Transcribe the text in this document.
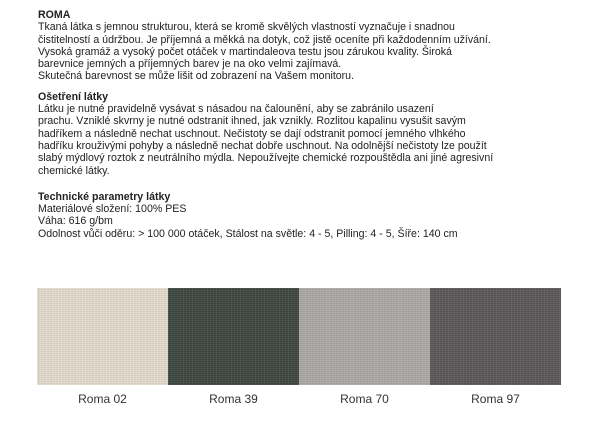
ROMA

Tkaná látka s jemnou strukturou, která se kromě skvělých vlastností vyznačuje i snadnou
čistitelností a údržbou. Je příjemná a měkká na dotyk, což jistě oceníte při každodenním užívání.
Vysoká gramáž a vysoký počet otáček v martindaleova testu jsou zárukou kvality. Široká
barevnice jemných a příjemných barev je na oko velmi zajímavá.
Skutečná barevnost se může lišit od zobrazení na Vašem monitoru.

Ošetření látky

Látku je nutné pravidelně vysávat s násadou na čalounění, aby se zabránilo usazení
prachu. Vzniklé skvrny je nutné odstranit ihned, jak vznikly. Rozlitou kapalinu vysušit savým
hadříkem a následně nechat uschnout. Nečistoty se dají odstranit pomocí jemného vlhkého
hadříku krouživými pohyby a následně nechat dobře uschnout. Na odolnější nečistoty lze použít
slabý mýdlový roztok z neutrálního mýdla. Nepoužívejte chemické rozpouštědla ani jiné agresivní
chemické látky.

Technické parametry látky

Materiálové složení: 100% PES
Váha: 616 g/bm
Odolnost vůči oděru: > 100 000 otáček, Stálost na světle: 4 - 5, Pilling: 4 - 5, Šíře: 140 cm

Roma 02	Roma 39	Roma 70	Roma 97
